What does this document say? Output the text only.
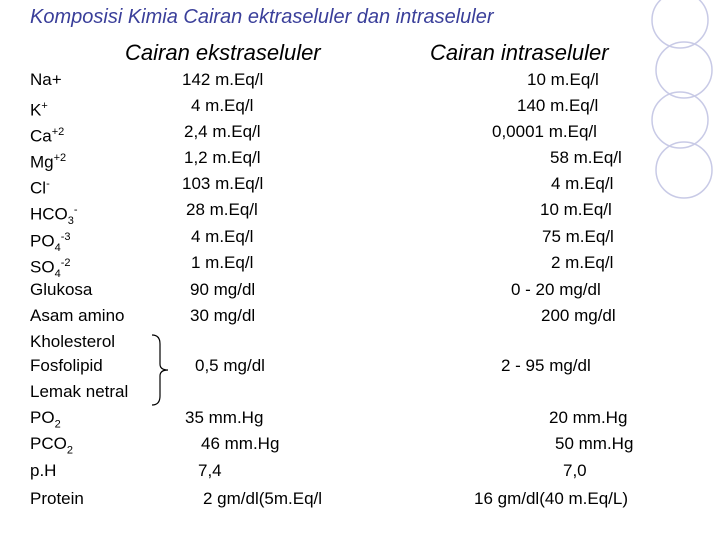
Komposisi Kimia Cairan ektraseluler dan intraseluler
Cairan ekstraseluler	Cairan intraseluler
Na+	142 m.Eq/l	10 m.Eq/l
K+	4 m.Eq/l	140 m.Eq/l
$Ca^{+2}$	2,4 m.Eq/l	0,0001 m.Eq/l
$Mg^{+2}$	1,2 m.Eq/l	58 m.Eq/l
Cl-	103 m.Eq/l	4 m.Eq/l
$HCO_3^-$	28 m.Eq/l	10 m.Eq/l
$PO_4^{-3}$	4 m.Eq/l	75 m.Eq/l
$SO_4^{-2}$	1 m.Eq/l	2 m.Eq/l
Glukosa	90 mg/dl	0 - 20 mg/dl
Asam amino	30 mg/dl	200 mg/dl
Kholesterol
Fosfolipid	0,5 mg/dl	2 - 95 mg/dl
Lemak netral
$PO_2$	35 mm.Hg	20 mm.Hg
$PCO_2$	46 mm.Hg	50 mm.Hg
p.H	7,4	7,0
Protein	2 gm/dl(5m.Eq/l	16 gm/dl(40 m.Eq/L)
